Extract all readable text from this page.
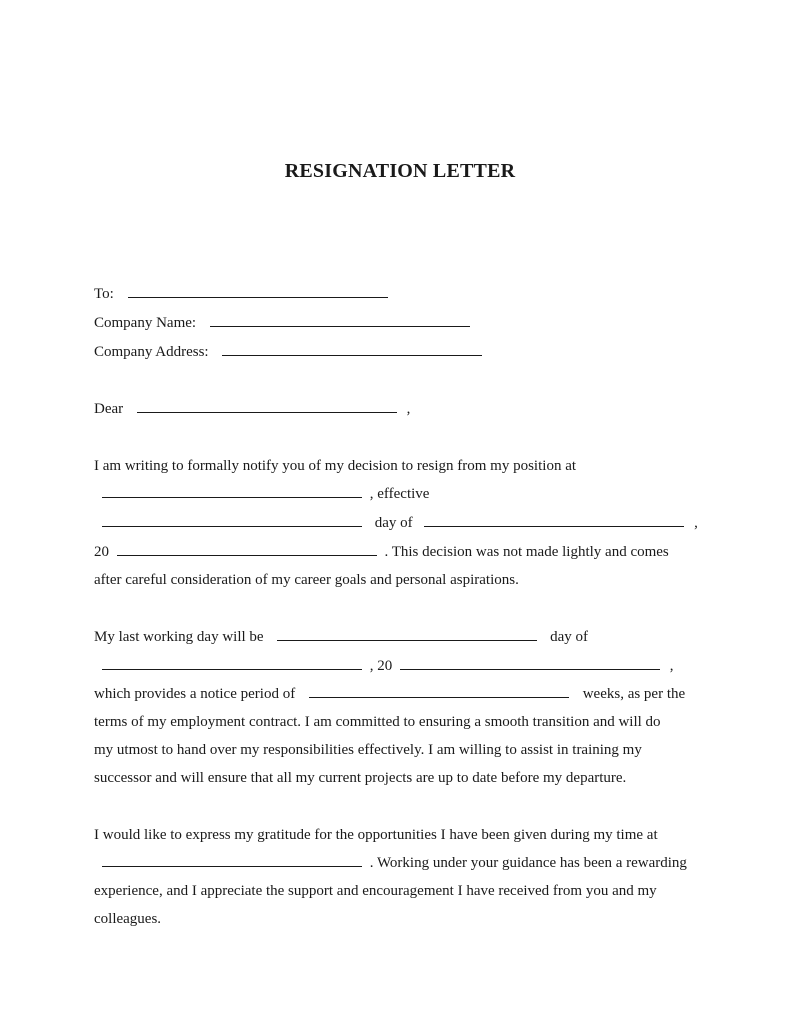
RESIGNATION LETTER
To:
Company Name:
Company Address:
Dear	,
I am writing to formally notify you of my decision to resign from my position at
, effective
day of	,
20	. This decision was not made lightly and comes
after careful consideration of my career goals and personal aspirations.
My last working day will be	day of
, 20	,
which provides a notice period of	weeks, as per the
terms of my employment contract. I am committed to ensuring a smooth transition and will do
my utmost to hand over my responsibilities effectively. I am willing to assist in training my
successor and will ensure that all my current projects are up to date before my departure.
I would like to express my gratitude for the opportunities I have been given during my time at
. Working under your guidance has been a rewarding
experience, and I appreciate the support and encouragement I have received from you and my
colleagues.
